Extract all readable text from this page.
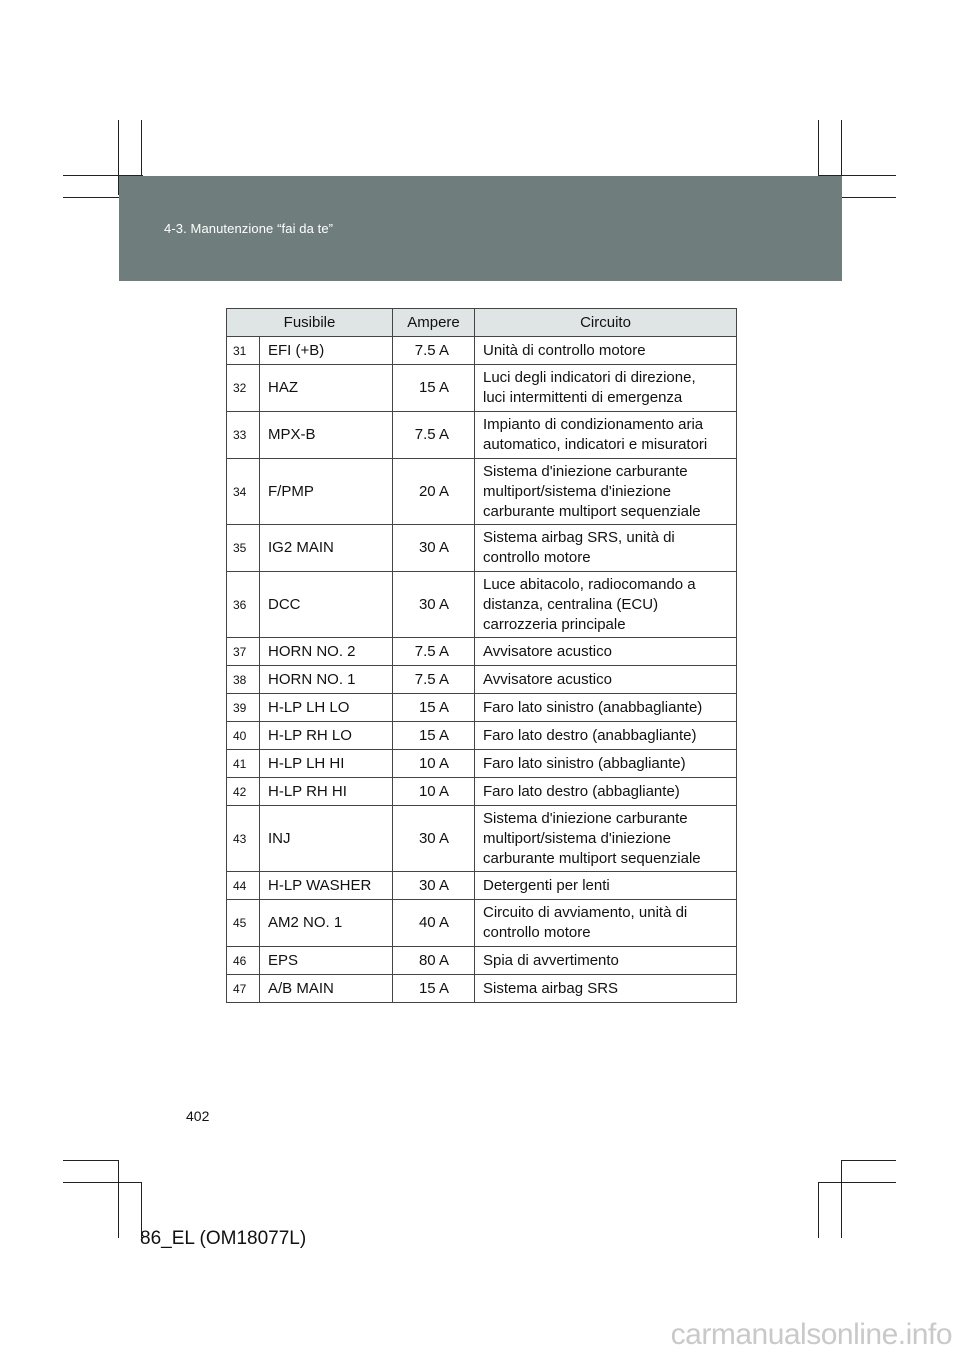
4-3. Manutenzione “fai da te”
Fusibile		Ampere	Circuito
31	EFI (+B)	7.5 A	Unità di controllo motore

32	HAZ	15 A	Luci degli indicatori di direzione,
luci intermittenti di emergenza

33	MPX-B	7.5 A	Impianto di condizionamento aria
automatico, indicatori e misuratori

34	F/PMP	20 A	Sistema d'iniezione carburante
multiport/sistema d'iniezione
carburante multiport sequenziale

35	IG2 MAIN	30 A	Sistema airbag SRS, unità di
controllo motore

36	DCC	30 A	Luce abitacolo, radiocomando a
distanza, centralina (ECU)
carrozzeria principale

37	HORN NO. 2	7.5 A	Avvisatore acustico

38	HORN NO. 1	7.5 A	Avvisatore acustico

39	H-LP LH LO	15 A	Faro lato sinistro (anabbagliante)

40	H-LP RH LO	15 A	Faro lato destro (anabbagliante)

41	H-LP LH HI	10 A	Faro lato sinistro (abbagliante)

42	H-LP RH HI	10 A	Faro lato destro (abbagliante)

43	INJ	30 A	Sistema d'iniezione carburante
multiport/sistema d'iniezione
carburante multiport sequenziale

44	H-LP WASHER	30 A	Detergenti per lenti

45	AM2 NO. 1	40 A	Circuito di avviamento, unità di
controllo motore

46	EPS	80 A	Spia di avvertimento

47	A/B MAIN	15 A	Sistema airbag SRS
402
86_EL (OM18077L)
carmanualsonline.info
